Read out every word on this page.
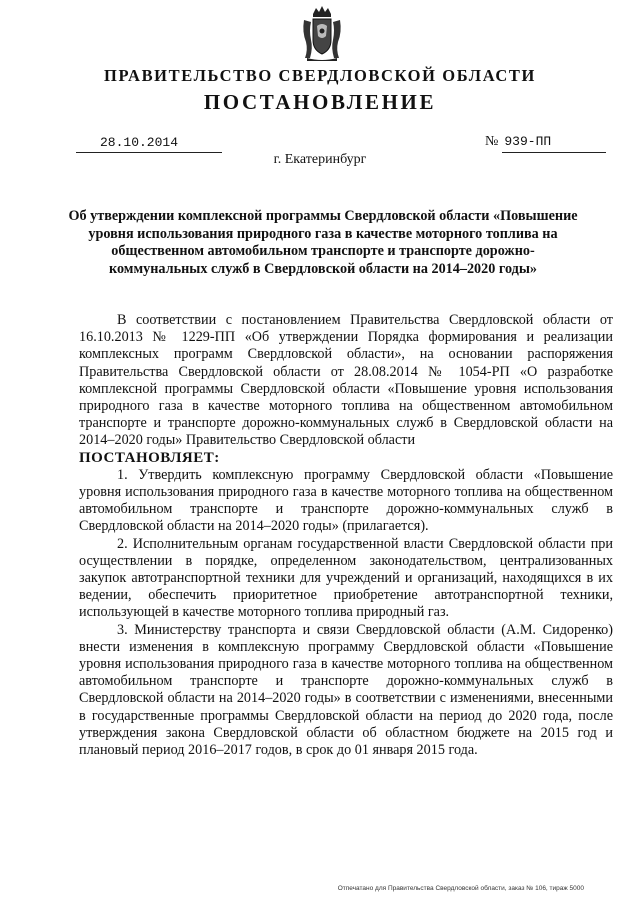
ПРАВИТЕЛЬСТВО СВЕРДЛОВСКОЙ ОБЛАСТИ
ПОСТАНОВЛЕНИЕ
28.10.2014	№ 939-ПП
г. Екатеринбург
Об утверждении комплексной программы Свердловской области «Повышение уровня использования природного газа в качестве моторного топлива на общественном автомобильном транспорте и транспорте дорожно-коммунальных служб в Свердловской области на 2014–2020 годы»

В соответствии с постановлением Правительства Свердловской области от 16.10.2013 № 1229-ПП «Об утверждении Порядка формирования и реализации комплексных программ Свердловской области», на основании распоряжения Правительства Свердловской области от 28.08.2014 № 1054-РП «О разработке комплексной программы Свердловской области «Повышение уровня использования природного газа в качестве моторного топлива на общественном автомобильном транспорте и транспорте дорожно-коммунальных служб в Свердловской области на 2014–2020 годы» Правительство Свердловской области

ПОСТАНОВЛЯЕТ:

1. Утвердить комплексную программу Свердловской области «Повышение уровня использования природного газа в качестве моторного топлива на общественном автомобильном транспорте и транспорте дорожно-коммунальных служб в Свердловской области на 2014–2020 годы» (прилагается).

2. Исполнительным органам государственной власти Свердловской области при осуществлении в порядке, определенном законодательством, централизованных закупок автотранспортной техники для учреждений и организаций, находящихся в их ведении, обеспечить приоритетное приобретение автотранспортной техники, использующей в качестве моторного топлива природный газ.

3. Министерству транспорта и связи Свердловской области (А.М. Сидоренко) внести изменения в комплексную программу Свердловской области «Повышение уровня использования природного газа в качестве моторного топлива на общественном автомобильном транспорте и транспорте дорожно-коммунальных служб в Свердловской области на 2014–2020 годы» в соответствии с изменениями, внесенными в государственные программы Свердловской области на период до 2020 года, после утверждения закона Свердловской области об областном бюджете на 2015 год и плановый период 2016–2017 годов, в срок до 01 января 2015 года.

Отпечатано для Правительства Свердловской области, заказ № 106, тираж 5000
